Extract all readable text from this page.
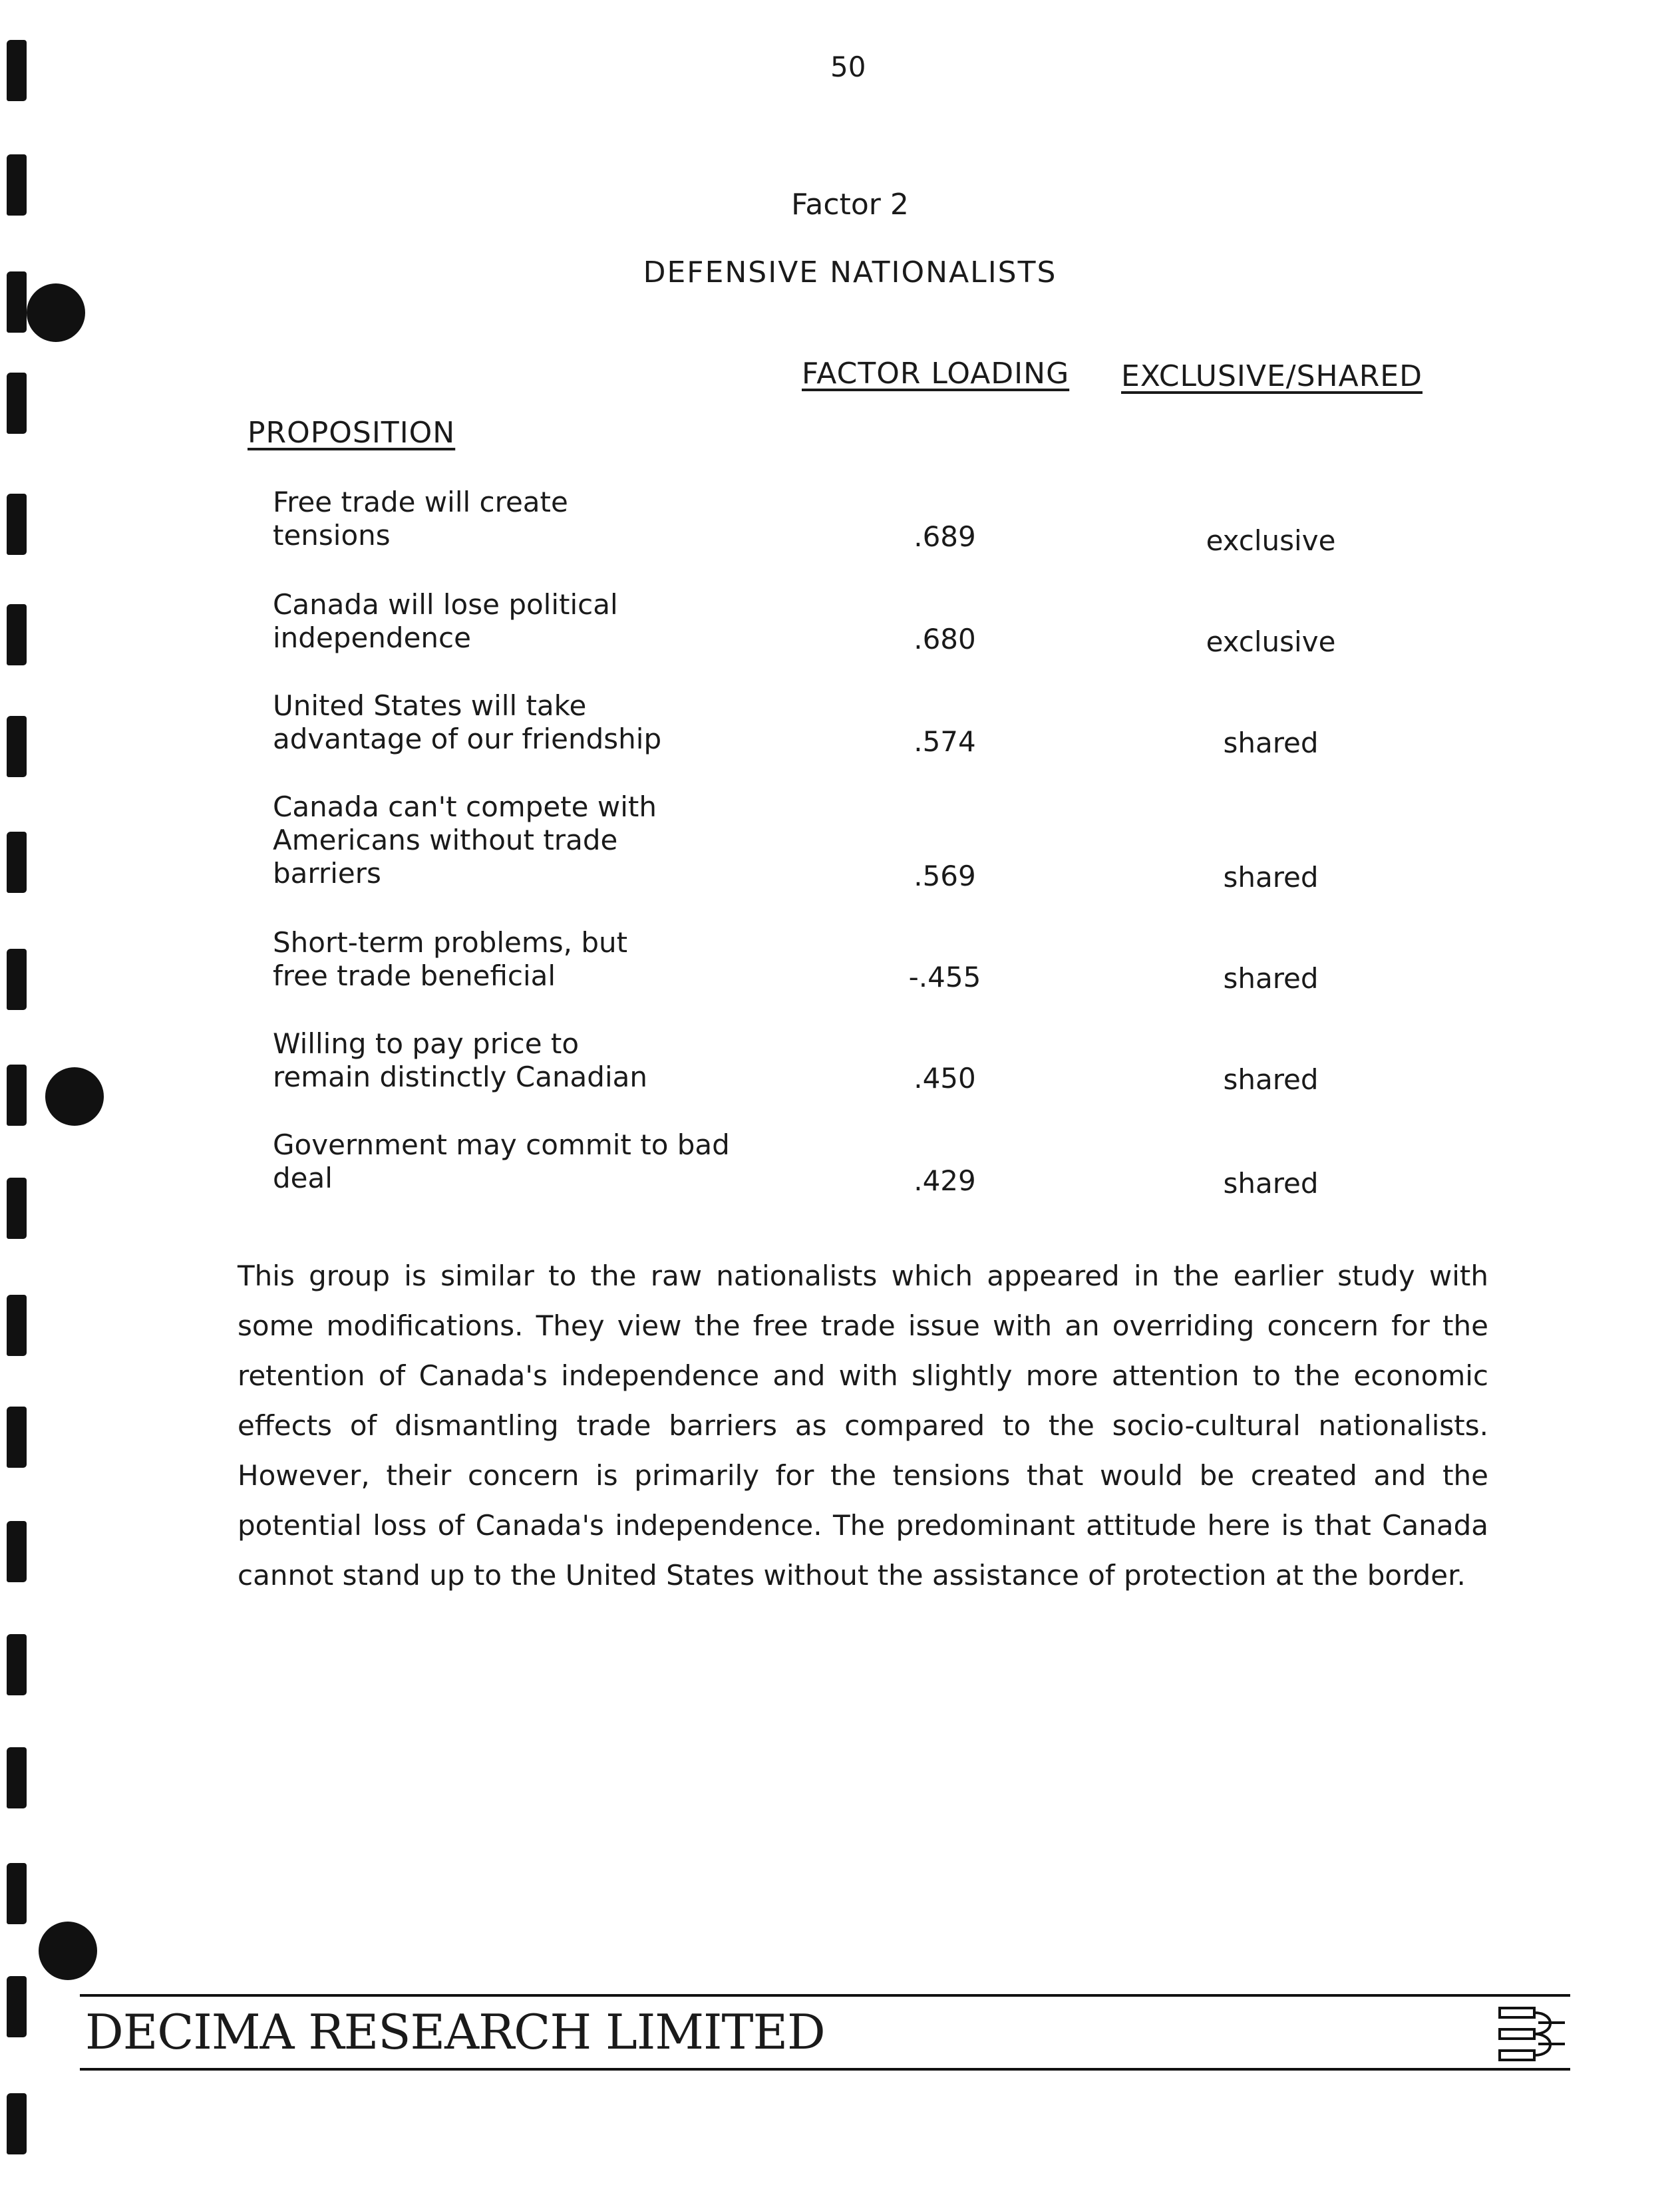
50
Factor 2
DEFENSIVE NATIONALISTS
FACTOR LOADING EXCLUSIVE/SHARED
PROPOSITION
Free trade will create
tensions	.689	exclusive
Canada will lose political
independence	.680	exclusive
United States will take
advantage of our friendship	.574	shared
Canada can't compete with
Americans without trade
barriers	.569	shared
Short-term problems, but
free trade beneficial	-.455	shared
Willing to pay price to
remain distinctly Canadian	.450	shared
Government may commit to bad
deal	.429	shared
This group is similar to the raw nationalists which appeared in the earlier study with some modifications. They view the free trade issue with an overriding concern for the retention of Canada's independence and with slightly more attention to the economic effects of dismantling trade barriers as compared to the socio-cultural nationalists. However, their concern is primarily for the tensions that would be created and the potential loss of Canada's independence. The predominant attitude here is that Canada cannot stand up to the United States without the assistance of protection at the border.
DECIMA RESEARCH LIMITED
